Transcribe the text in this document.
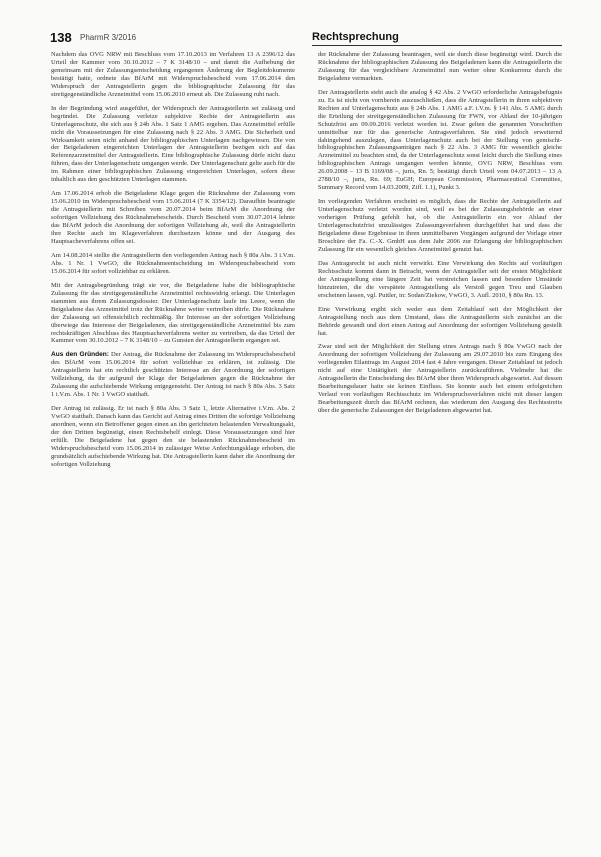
138 PharmR 3/2016	Rechtsprechung

Nachdem das OVG NRW mit Beschluss vom 17.10.2013 im Verfahren 13 A 2396/12 das Urteil der Kammer vom 30.10.2012 – 7 K 3148/10 – und damit die Aufhebung der gemeinsam mit der Zulassungsentscheidung ergangenen Änderung der Begleitdokumente bestätigt hatte, ordnete das BfArM mit Widerspruchsbescheid vom 17.06.2014 den Widerspruch der Antragstellerin gegen die bibliographische Zulassung für das streitgegenständliche Arzneimittel vom 15.06.2010 erneut ab. Die Zulassung ruht nach.

In der Begründung wird ausgeführt, der Widerspruch der Antragstellerin sei zulässig und begründet. Die Zulassung verletze subjektive Rechte der Antragstellerin aus Unterlagenschutz, die sich aus § 24b Abs. 1 Satz 1 AMG ergeben. Das Arzneimittel erfülle nicht die Voraussetzungen für eine Zulassung nach § 22 Abs. 3 AMG. Die Sicherheit und Wirksamkeit seien nicht anhand der bibliographischen Unterlagen nachgewiesen. Die von der Beigeladenen eingereichten Unterlagen der Antragstellerin bezögen sich auf das Referenzarzneimittel der Antragstellerin. Eine bibliographische Zulassung dürfe nicht dazu führen, dass der Unterlagenschutz umgangen werde. Der Unterlagenschutz gelte auch für die im Rahmen einer bibliographischen Zulassung eingereichten Unterlagen, sofern diese inhaltlich aus den geschützten Unterlagen stammen.

Am 17.06.2014 erhob die Beigeladene Klage gegen die Rücknahme der Zulassung vom 15.06.2010 im Widerspruchsbescheid vom 15.06.2014 (7 K 3354/12). Daraufhin beantragte die Antragstellerin mit Schreiben vom 20.07.2014 beim BfArM die Anordnung der sofortigen Vollziehung des Rücknahmebescheids. Durch Bescheid vom 30.07.2014 lehnte das BfArM jedoch die Anordnung der sofortigen Vollziehung ab, weil die Antragstellerin ihre Rechte auch im Klageverfahren durchsetzen könne und der Ausgang des Hauptsacheverfahrens offen sei.

Am 14.08.2014 stellte die Antragstellerin den vorliegenden Antrag nach § 80a Abs. 3 i.V.m. Abs. 1 Nr. 1 VwGO, die Rücknahmeentscheidung im Widerspruchsbescheid vom 15.06.2014 für sofort vollziehbar zu erklären.

Mit der Antragsbegründung trägt sie vor, die Beigeladene habe die bibliographische Zulassung für das streitgegenständliche Arzneimittel rechtswidrig erlangt. Die Unterlagen stammten aus ihrem Zulassungsdossier. Der Unterlagenschutz laufe ins Leere, wenn die Beigeladene das Arzneimittel trotz der Rücknahme weiter vertreiben dürfe. Die Rücknahme der Zulassung sei offensichtlich rechtmäßig. Ihr Interesse an der sofortigen Vollziehung überwiege das Interesse der Beigeladenen, das streitgegenständliche Arzneimittel bis zum rechtskräftigen Abschluss des Hauptsacheverfahrens weiter zu vertreiben, da das Urteil der Kammer vom 30.10.2012 – 7 K 3148/10 – zu Gunsten der Antragstellerin ergangen sei.

Aus den Gründen: Der Antrag, die Rücknahme der Zulassung im Widerspruchsbescheid des BfArM vom 15.06.2014 für sofort vollziehbar zu erklären, ist zulässig. Die Antragstellerin hat ein rechtlich geschütztes Interesse an der Anordnung der sofortigen Vollziehung, da ihr aufgrund der Klage der Beigeladenen gegen die Rücknahme der Zulassung die aufschiebende Wirkung entgegensteht. Der Antrag ist nach § 80a Abs. 3 Satz 1 i.V.m. Abs. 1 Nr. 1 VwGO statthaft.

Der Antrag ist zulässig. Er ist nach § 80a Abs. 3 Satz 1, letzte Alternative i.V.m. Abs. 2 VwGO statthaft. Danach kann das Gericht auf Antrag eines Dritten die sofortige Vollziehung anordnen, wenn ein Betroffener gegen einen an ihn gerichteten belastenden Verwaltungsakt, der den Dritten begünstigt, einen Rechtsbehelf einlegt. Diese Voraussetzungen sind hier erfüllt. Die Beigeladene hat gegen den sie belastenden Rücknahmebescheid im Widerspruchsbescheid vom 15.06.2014 in zulässiger Weise Anfechtungsklage erhoben, die grundsätzlich aufschiebende Wirkung hat. Die Antragstellerin kann daher die Anordnung der sofortigen Vollziehung

der Rücknahme der Zulassung beantragen, weil sie durch diese begünstigt wird. Durch die Rücknahme der bibliographischen Zulassung des Beigeladenen kann die Antragstellerin die Zulassung für das vergleichbare Arzneimittel nun weiter ohne Konkurrenz durch die Beigeladene vermarkten.

Der Antragstellerin steht auch die analog § 42 Abs. 2 VwGO erforderliche Antragsbefugnis zu. Es ist nicht von vornherein auszuschließen, dass die Antragstellerin in ihren subjektiven Rechten auf Unterlagenschutz aus § 24b Abs. 1 AMG a.F. i.V.m. § 141 Abs. 5 AMG durch die Erteilung der streitgegenständlichen Zulassung für FWN, vor Ablauf der 10-jährigen Schutzfrist am 09.09.2016 verletzt worden ist. Zwar gelten die genannten Vorschriften unmittelbar nur für das generische Antragsverfahren. Sie sind jedoch erweiternd dahingehend auszulegen, dass Unterlagenschutz auch bei der Stellung von gemischt-bibliographischen Zulassungsanträgen nach § 22 Abs. 3 AMG für wesentlich gleiche Arzneimittel zu beachten sind, da der Unterlagenschutz sonst leicht durch die Stellung eines bibliographischen Antrags umgangen werden könnte, OVG NRW, Beschluss vom 26.09.2008 – 13 B 1169/08 –, juris, Rn. 5; bestätigt durch Urteil vom 04.07.2013 – 13 A 2788/10 –, juris, Rn. 69; EuGH; European Commission, Pharmaceutical Committee, Summary Record vom 14.03.2009, Ziff. 1.1), Punkt 3.

Im vorliegenden Verfahren erscheint es möglich, dass die Rechte der Antragstellerin auf Unterlagenschutz verletzt worden sind, weil es bei der Zulassungsbehörde an einer vorherigen Prüfung gefehlt hat, ob die Antragstellerin ein vor Ablauf der Unterlagenschutzfrist unzulässiges Zulassungsverfahren durchgeführt hat und dass die Beigeladene diese Ergebnisse in ihren unmittelbaren Vorgängen aufgrund der Vorlage einer Broschüre der Fa. C.-X. GmbH aus dem Jahr 2006 zur Erlangung der bibliographischen Zulassung für ein wesentlich gleiches Arzneimittel genutzt hat.

Das Antragsrecht ist auch nicht verwirkt. Eine Verwirkung des Rechts auf vorläufigen Rechtsschutz kommt dann in Betracht, wenn der Antragsteller seit der ersten Möglichkeit der Antragstellung eine längere Zeit hat verstreichen lassen und besondere Umstände hinzutreten, die die verspätete Antragstellung als Verstoß gegen Treu und Glauben erscheinen lassen, vgl. Puttler, in: Sodan/Ziekow, VwGO, 3. Aufl. 2010, § 80a Rn. 13.

Eine Verwirkung ergibt sich weder aus dem Zeitablauf seit der Möglichkeit der Antragstellung noch aus dem Umstand, dass die Antragstellerin sich zunächst an die Behörde gewandt und dort einen Antrag auf Anordnung der sofortigen Vollziehung gestellt hat.

Zwar sind seit der Möglichkeit der Stellung eines Antrags nach § 80a VwGO nach der Anordnung der sofortigen Vollziehung der Zulassung am 29.07.2010 bis zum Eingang des vorliegenden Eilantrags im August 2014 fast 4 Jahre vergangen. Dieser Zeitablauf ist jedoch nicht auf eine Untätigkeit der Antragstellerin zurückzuführen. Vielmehr hat die Antragstellerin die Entscheidung des BfArM über ihren Widerspruch abgewartet. Auf dessen Bearbeitungsdauer hatte sie keinen Einfluss. Sie konnte auch bei einem erfolgreichen Verlauf von vorläufigen Rechtsschutz im Widerspruchsverfahren nicht mit dieser langen Bearbeitungszeit durch das BfArM rechnen, das wiederum den Ausgang des Rechtsstreits über die generische Zulassungen der Beigeladenen abgewartet hat.
